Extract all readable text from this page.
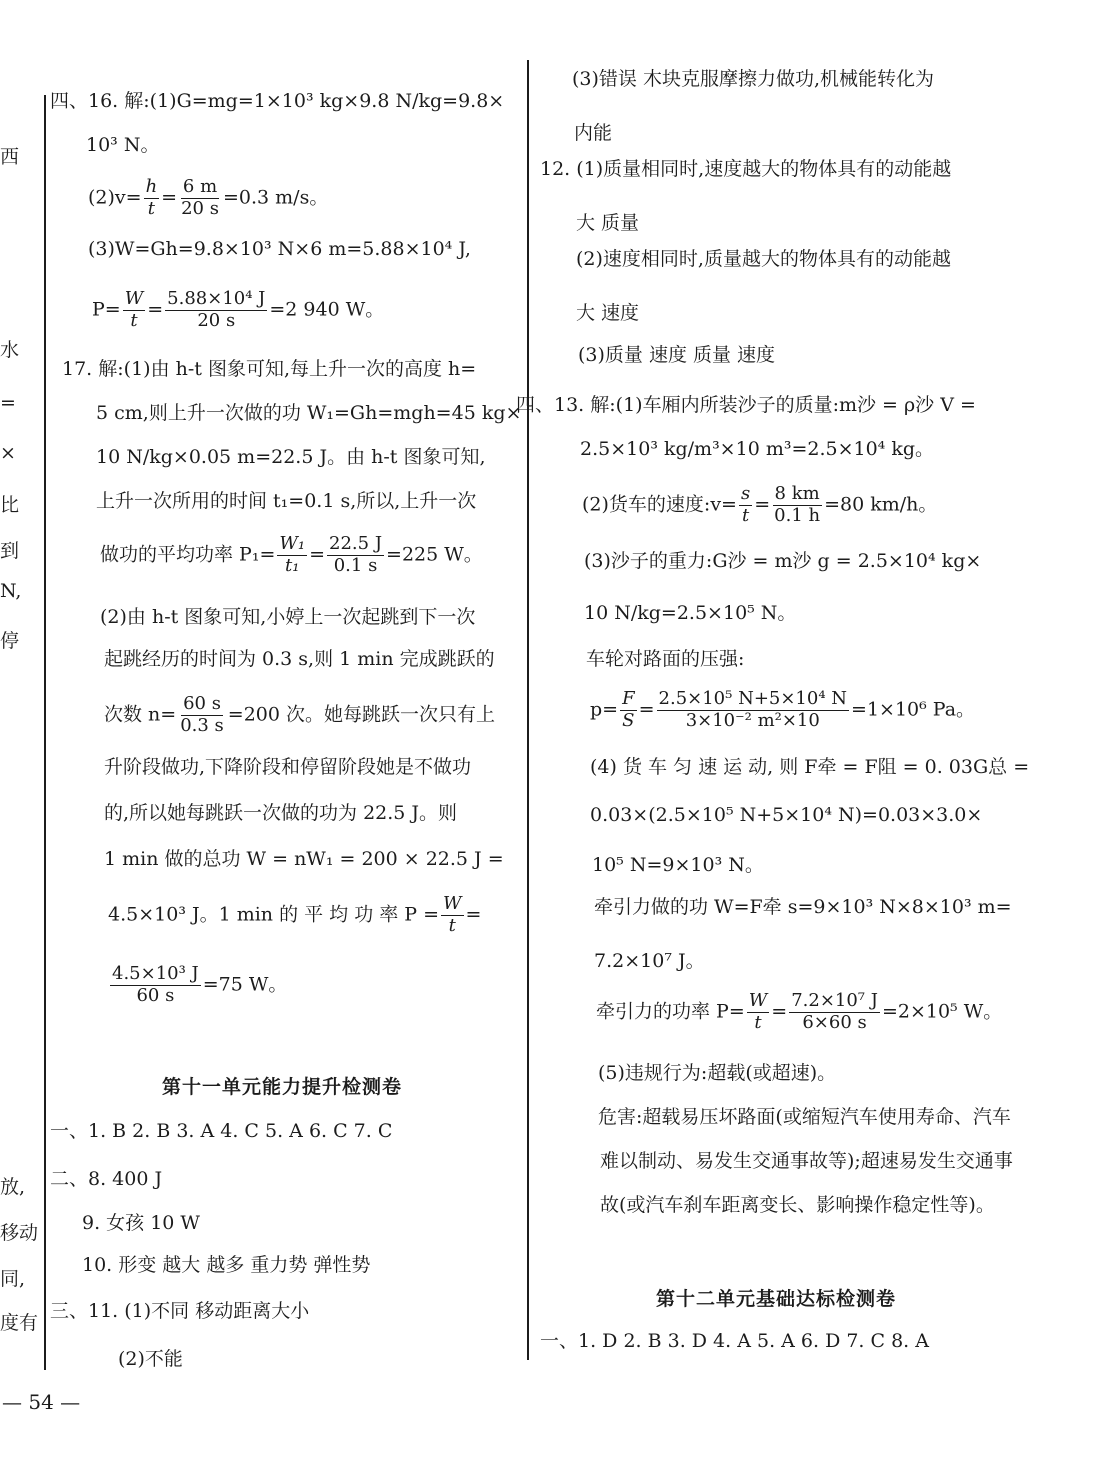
西
水
=
×
比
到
N,
停
放,
移动
同,
度有
四、16. 解:(1)G=mg=1×10³ kg×9.8 N/kg=9.8×
10³ N。
$(2)v= \frac{h}{t} = \frac{6 m}{20 s} =0.3$ m/s。
(3)W=Gh=9.8×10³ N×6 m=5.88×10⁴ J,
$P= \frac{W}{t} = \frac{\text{5.88×10⁴ J}}{20 s} =2$ 940 W。
17. 解:(1)由 h-t 图象可知,每上升一次的高度 h=
5 cm,则上升一次做的功 W₁=Gh=mgh=45 kg×
10 N/kg×0.05 m=22.5 J。由 h-t 图象可知,
上升一次所用的时间 t₁=0.1 s,所以,上升一次
做功的平均功率 $P_1= \frac{\text{W₁}}{\text{t₁}} = \frac{22.5 J}{0.1 s} =225$ W。
(2)由 h-t 图象可知,小婷上一次起跳到下一次
起跳经历的时间为 0.3 s,则 1 min 完成跳跃的
次数 $n= \frac{60 s}{0.3 s} =200$ 次。她每跳跃一次只有上
升阶段做功,下降阶段和停留阶段她是不做功
的,所以她每跳跃一次做的功为 22.5 J。则
1 min 做的总功 W = nW₁ = 200 × 22.5 J =
4.5×10³ J。1 min 的 平 均 功 率 $P = \frac{W}{t}$ =
$\frac{\text{4.5×10³ J}}{60 s} =75$ W。
第十一单元能力提升检测卷
一、1. B 2. B 3. A 4. C 5. A 6. C 7. C
二、8. 400 J
9. 女孩 10 W
10. 形变 越大 越多 重力势 弹性势
三、11. (1)不同 移动距离大小
(2)不能
(3)错误 木块克服摩擦力做功,机械能转化为
内能
12. (1)质量相同时,速度越大的物体具有的动能越
大 质量
(2)速度相同时,质量越大的物体具有的动能越
大 速度
(3)质量 速度 质量 速度
四、13. 解:(1)车厢内所装沙子的质量:m沙 = ρ沙 V =
2.5×10³ kg/m³×10 m³=2.5×10⁴ kg。
(2)货车的速度:v= $\frac{s}{t} = \frac{8 km}{0.1 h} =80$ km/h。
(3)沙子的重力:G沙 = m沙 g = 2.5×10⁴ kg×
10 N/kg=2.5×10⁵ N。
车轮对路面的压强:
$p= \frac{F}{S} = \frac{\text{2.5×10⁵ N+5×10⁴ N}}{\text{3×10⁻² m²×10}} =1\times 10^6$ Pa。
(4) 货 车 匀 速 运 动, 则 F牵 = F阻 = 0. 03G总 =
0.03×(2.5×10⁵ N+5×10⁴ N)=0.03×3.0×
10⁵ N=9×10³ N。
牵引力做的功 W=F牵 s=9×10³ N×8×10³ m=
7.2×10⁷ J。
牵引力的功率 $P= \frac{W}{t} = \frac{\text{7.2×10⁷ J}}{6\times 60 s} =2\times 10^5$ W。
(5)违规行为:超载(或超速)。
危害:超载易压坏路面(或缩短汽车使用寿命、汽车
难以制动、易发生交通事故等);超速易发生交通事
故(或汽车刹车距离变长、影响操作稳定性等)。
第十二单元基础达标检测卷
一、1. D 2. B 3. D 4. A 5. A 6. D 7. C 8. A
— 54 —
